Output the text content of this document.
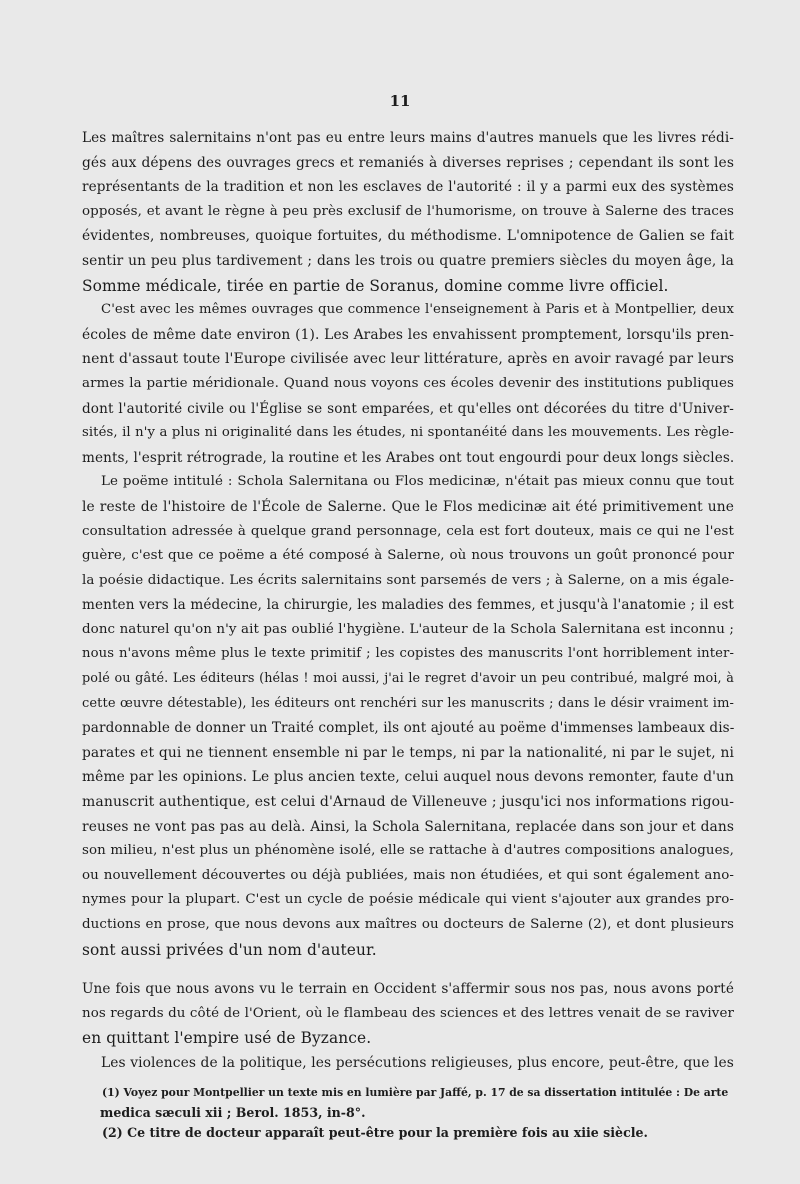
11
Les maîtres salernitains n'ont pas eu entre leurs mains d'autres manuels que les livres rédi-
gés aux dépens des ouvrages grecs et remaniés à diverses reprises ; cependant ils sont les
représentants de la tradition et non les esclaves de l'autorité : il y a parmi eux des systèmes
opposés, et avant le règne à peu près exclusif de l'humorisme, on trouve à Salerne des traces
évidentes, nombreuses, quoique fortuites, du méthodisme. L'omnipotence de Galien se fait
sentir un peu plus tardivement ; dans les trois ou quatre premiers siècles du moyen âge, la
Somme médicale, tirée en partie de Soranus, domine comme livre officiel.
C'est avec les mêmes ouvrages que commence l'enseignement à Paris et à Montpellier, deux
écoles de même date environ (1). Les Arabes les envahissent promptement, lorsqu'ils pren-
nent d'assaut toute l'Europe civilisée avec leur littérature, après en avoir ravagé par leurs
armes la partie méridionale. Quand nous voyons ces écoles devenir des institutions publiques
dont l'autorité civile ou l'Église se sont emparées, et qu'elles ont décorées du titre d'Univer-
sités, il n'y a plus ni originalité dans les études, ni spontanéité dans les mouvements. Les règle-
ments, l'esprit rétrograde, la routine et les Arabes ont tout engourdi pour deux longs siècles.
Le poëme intitulé : Schola Salernitana ou Flos medicinæ, n'était pas mieux connu que tout
le reste de l'histoire de l'École de Salerne. Que le Flos medicinæ ait été primitivement une
consultation adressée à quelque grand personnage, cela est fort douteux, mais ce qui ne l'est
guère, c'est que ce poëme a été composé à Salerne, où nous trouvons un goût prononcé pour
la poésie didactique. Les écrits salernitains sont parsemés de vers ; à Salerne, on a mis égale-
menten vers la médecine, la chirurgie, les maladies des femmes, et jusqu'à l'anatomie ; il est
donc naturel qu'on n'y ait pas oublié l'hygiène. L'auteur de la Schola Salernitana est inconnu ;
nous n'avons même plus le texte primitif ; les copistes des manuscrits l'ont horriblement inter-
polé ou gâté. Les éditeurs (hélas ! moi aussi, j'ai le regret d'avoir un peu contribué, malgré moi, à
cette œuvre détestable), les éditeurs ont renchéri sur les manuscrits ; dans le désir vraiment im-
pardonnable de donner un Traité complet, ils ont ajouté au poëme d'immenses lambeaux dis-
parates et qui ne tiennent ensemble ni par le temps, ni par la nationalité, ni par le sujet, ni
même par les opinions. Le plus ancien texte, celui auquel nous devons remonter, faute d'un
manuscrit authentique, est celui d'Arnaud de Villeneuve ; jusqu'ici nos informations rigou-
reuses ne vont pas pas au delà. Ainsi, la Schola Salernitana, replacée dans son jour et dans
son milieu, n'est plus un phénomène isolé, elle se rattache à d'autres compositions analogues,
ou nouvellement découvertes ou déjà publiées, mais non étudiées, et qui sont également ano-
nymes pour la plupart. C'est un cycle de poésie médicale qui vient s'ajouter aux grandes pro-
ductions en prose, que nous devons aux maîtres ou docteurs de Salerne (2), et dont plusieurs
sont aussi privées d'un nom d'auteur.
Une fois que nous avons vu le terrain en Occident s'affermir sous nos pas, nous avons porté
nos regards du côté de l'Orient, où le flambeau des sciences et des lettres venait de se raviver
en quittant l'empire usé de Byzance.
Les violences de la politique, les persécutions religieuses, plus encore, peut-être, que les
(1) Voyez pour Montpellier un texte mis en lumière par Jaffé, p. 17 de sa dissertation intitulée : De arte
medica sæculi xii ; Berol. 1853, in-8°.
(2) Ce titre de docteur apparaît peut-être pour la première fois au xiie siècle.
